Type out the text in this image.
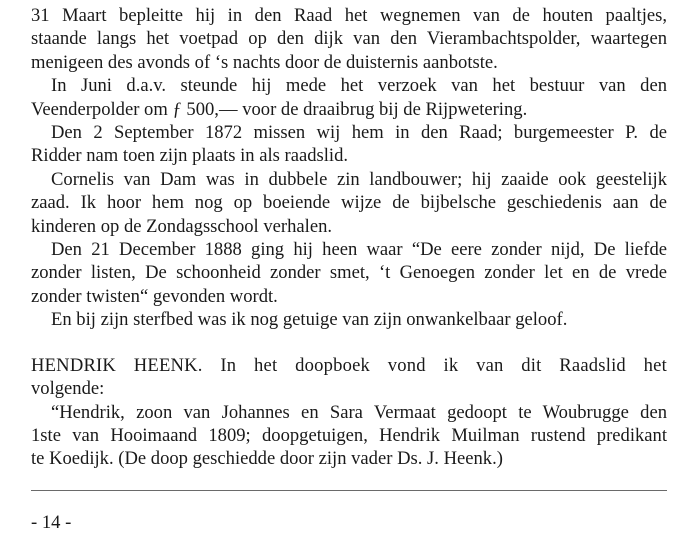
31 Maart bepleitte hij in den Raad het wegnemen van de houten paaltjes,
staande langs het voetpad op den dijk van den Vierambachtspolder, waartegen
menigeen des avonds of ‘s nachts door de duisternis aanbotste.

In Juni d.a.v. steunde hij mede het verzoek van het bestuur van den
Veenderpolder om ƒ 500,–– voor de draaibrug bij de Rijpwetering.

Den 2 September 1872 missen wij hem in den Raad; burgemeester P. de
Ridder nam toen zijn plaats in als raadslid.

Cornelis van Dam was in dubbele zin landbouwer; hij zaaide ook geestelijk
zaad. Ik hoor hem nog op boeiende wijze de bijbelsche geschiedenis aan de
kinderen op de Zondagsschool verhalen.

Den 21 December 1888 ging hij heen waar “De eere zonder nijd, De liefde
zonder listen, De schoonheid zonder smet, ‘t Genoegen zonder let en de vrede
zonder twisten“ gevonden wordt.

En bij zijn sterfbed was ik nog getuige van zijn onwankelbaar geloof.

HENDRIK HEENK. In het doopboek vond ik van dit Raadslid het
volgende:

“Hendrik, zoon van Johannes en Sara Vermaat gedoopt te Woubrugge den
1ste van Hooimaand 1809; doopgetuigen, Hendrik Muilman rustend predikant
te Koedijk. (De doop geschiedde door zijn vader Ds. J. Heenk.)

- 14 -
